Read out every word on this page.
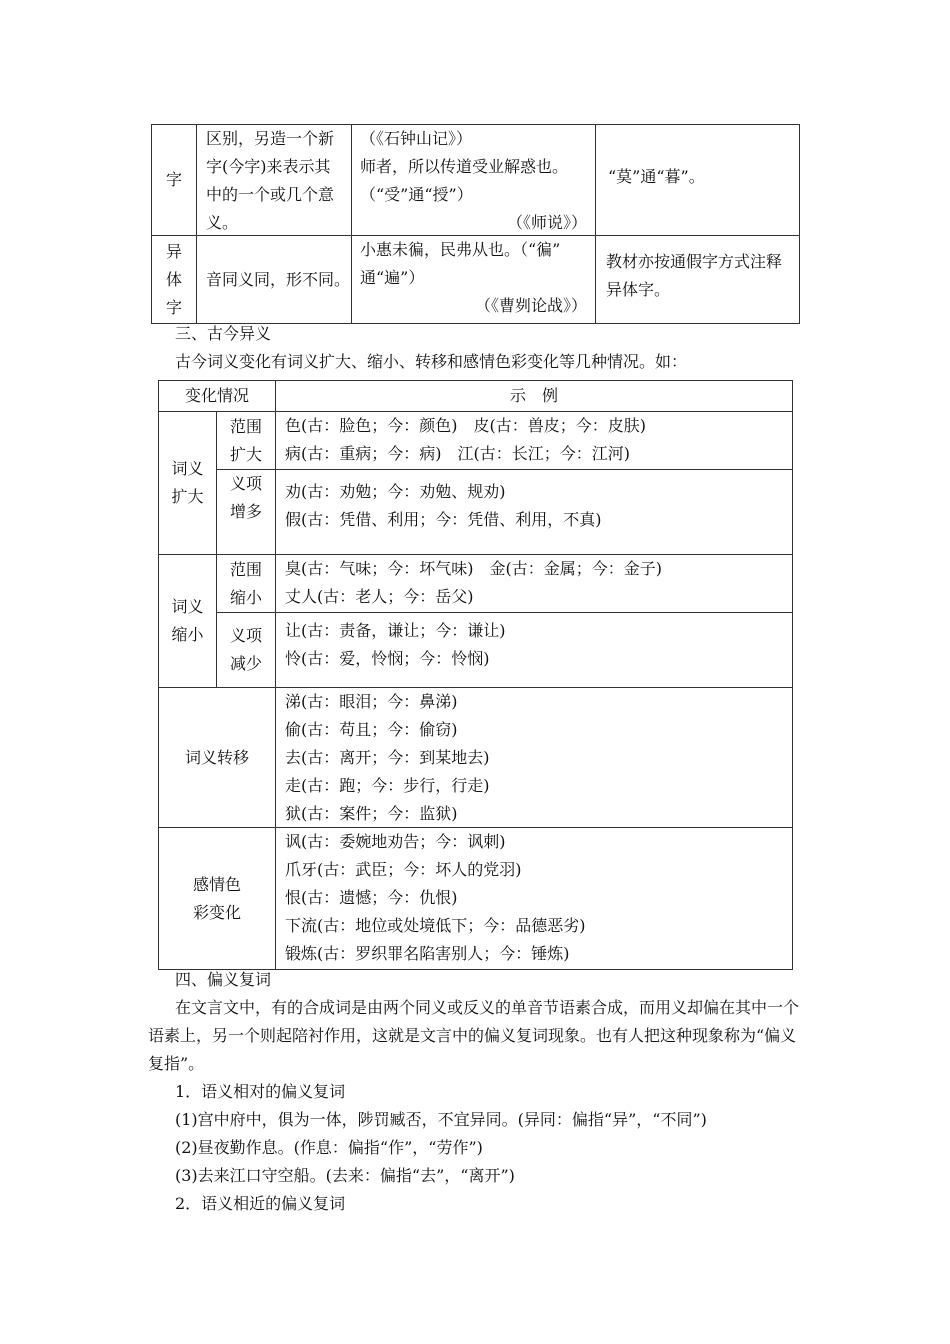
字
区别，另造一个新
字(今字)来表示其
中的一个或几个意
义。
（《石钟山记》）
师者，所以传道受业解惑也。
（“受”通“授”）
（《师说》）
“莫”通“暮”。
异
体
字
音同义同，形不同。
小惠未徧，民弗从也。（“徧”
通“遍”）
（《曹刿论战》）
教材亦按通假字方式注释
异体字。
三、古今异义
古今词义变化有词义扩大、缩小、转移和感情色彩变化等几种情况。如：
变化情况	示　例
词义
扩大
范围
扩大
色(古：脸色；今：颜色)　皮(古：兽皮；今：皮肤)
病(古：重病；今：病)　江(古：长江；今：江河)
义项
增多
劝(古：劝勉；今：劝勉、规劝)
假(古：凭借、利用；今：凭借、利用，不真)
词义
缩小
范围
缩小
臭(古：气味；今：坏气味)　金(古：金属；今：金子)
丈人(古：老人；今：岳父)
义项
减少
让(古：责备，谦让；今：谦让)
怜(古：爱，怜悯；今：怜悯)
词义转移
涕(古：眼泪；今：鼻涕)
偷(古：苟且；今：偷窃)
去(古：离开；今：到某地去)
走(古：跑；今：步行，行走)
狱(古：案件；今：监狱)
感情色
彩变化
讽(古：委婉地劝告；今：讽刺)
爪牙(古：武臣；今：坏人的党羽)
恨(古：遗憾；今：仇恨)
下流(古：地位或处境低下；今：品德恶劣)
锻炼(古：罗织罪名陷害别人；今：锤炼)
四、偏义复词
在文言文中，有的合成词是由两个同义或反义的单音节语素合成，而用义却偏在其中一个
语素上，另一个则起陪衬作用，这就是文言中的偏义复词现象。也有人把这种现象称为“偏义
复指”。
1．语义相对的偏义复词
(1)宫中府中，俱为一体，陟罚臧否，不宜异同。(异同：偏指“异”，“不同”)
(2)昼夜勤作息。(作息：偏指“作”，“劳作”)
(3)去来江口守空船。(去来：偏指“去”，“离开”)
2．语义相近的偏义复词
